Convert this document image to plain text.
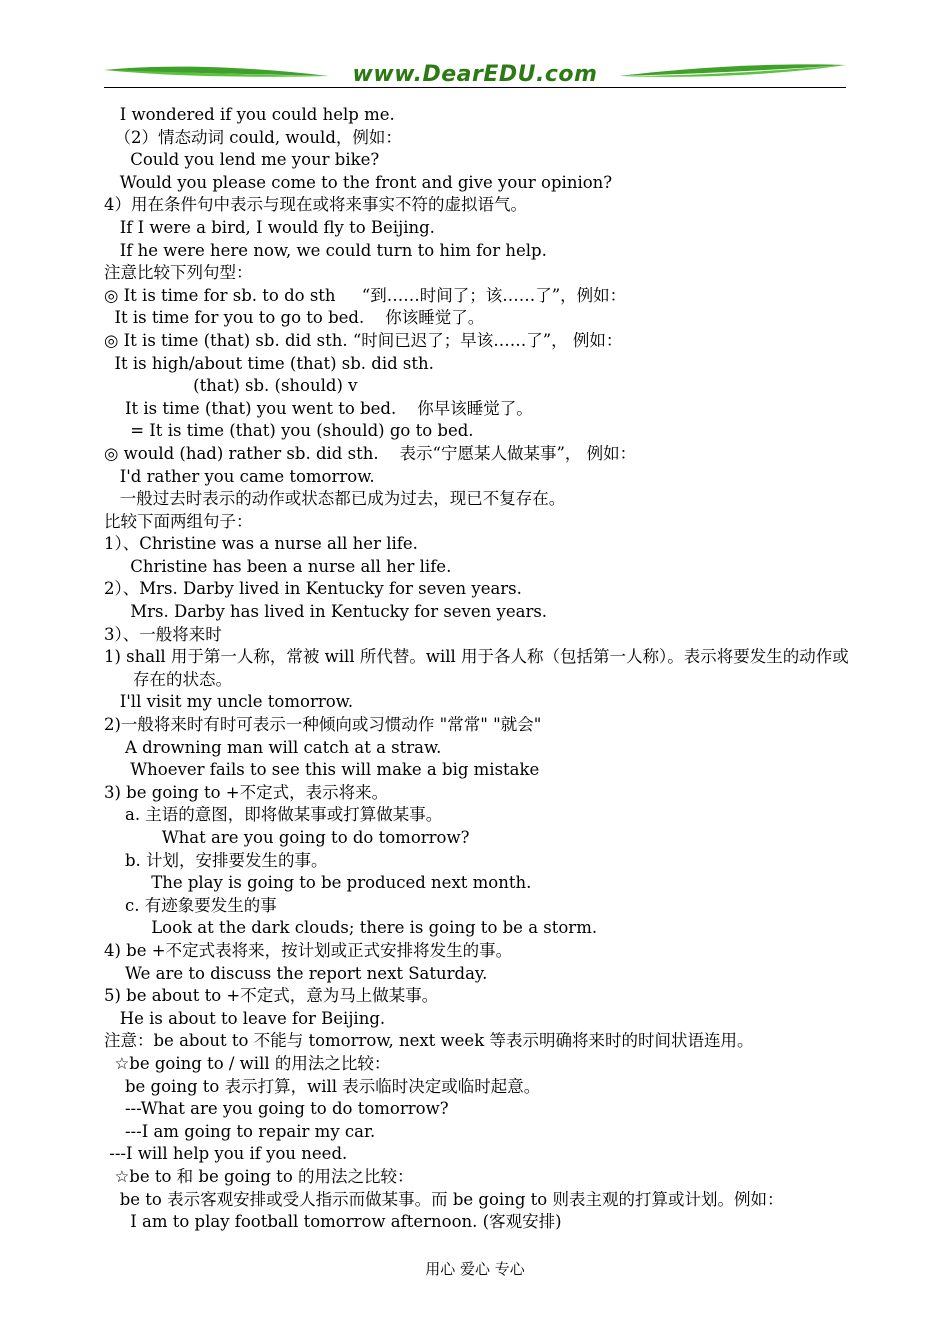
www.DearEDU.com
I wondered if you could help me.
（2）情态动词 could, would，例如：
Could you lend me your bike?
Would you please come to the front and give your opinion?
4）用在条件句中表示与现在或将来事实不符的虚拟语气。
If I were a bird, I would fly to Beijing.
If he were here now, we could turn to him for help.
注意比较下列句型：
◎ It is time for sb. to do sth     “到……时间了；该……了”，例如：
It is time for you to go to bed.    你该睡觉了。
◎ It is time (that) sb. did sth. “时间已迟了；早该……了”， 例如：
It is high/about time (that) sb. did sth.
(that) sb. (should) v
It is time (that) you went to bed.    你早该睡觉了。
= It is time (that) you (should) go to bed.
◎ would (had) rather sb. did sth.    表示“宁愿某人做某事”， 例如：
I'd rather you came tomorrow.
一般过去时表示的动作或状态都已成为过去，现已不复存在。
比较下面两组句子：
1）、Christine was a nurse all her life.
Christine has been a nurse all her life.
2）、Mrs. Darby lived in Kentucky for seven years.
Mrs. Darby has lived in Kentucky for seven years.
3）、一般将来时
1) shall 用于第一人称，常被 will 所代替。will 用于各人称（包括第一人称）。表示将要发生的动作或存在的状态。
I'll visit my uncle tomorrow.
2)一般将来时有时可表示一种倾向或习惯动作 "常常" "就会"
A drowning man will catch at a straw.
Whoever fails to see this will make a big mistake
3) be going to +不定式，表示将来。
a. 主语的意图，即将做某事或打算做某事。
What are you going to do tomorrow?
b. 计划，安排要发生的事。
The play is going to be produced next month.
c. 有迹象要发生的事
Look at the dark clouds; there is going to be a storm.
4) be +不定式表将来，按计划或正式安排将发生的事。
We are to discuss the report next Saturday.
5) be about to +不定式，意为马上做某事。
He is about to leave for Beijing.
注意：be about to 不能与 tomorrow, next week 等表示明确将来时的时间状语连用。
☆be going to / will 的用法之比较：
be going to 表示打算，will 表示临时决定或临时起意。
---What are you going to do tomorrow?
---I am going to repair my car.
---I will help you if you need.
☆be to 和 be going to 的用法之比较：
be to 表示客观安排或受人指示而做某事。而 be going to 则表主观的打算或计划。例如：
I am to play football tomorrow afternoon. (客观安排)
用心 爱心 专心
